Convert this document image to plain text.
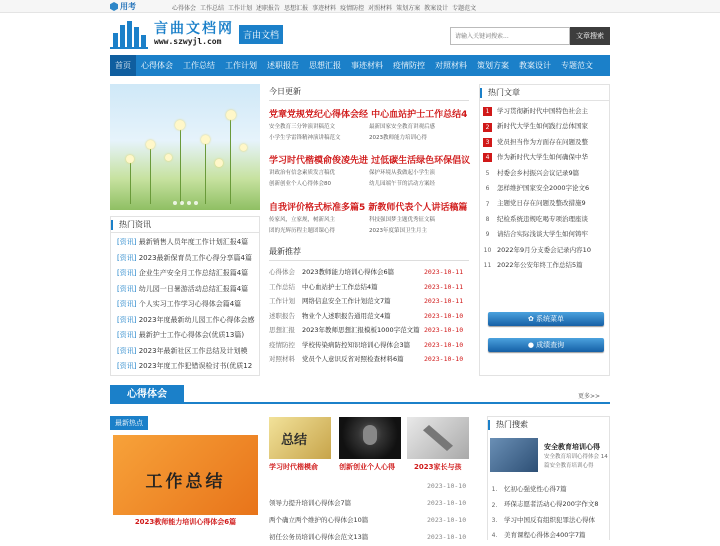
用考	心得体会 工作总结 工作计划 述职报告 思想汇报 事迹材料 疫情防控 对照材料 策划方案 教案设计 专题范文
言曲文档网
www.szwyjl.com
言由文档
请输入关键词搜索...	文章搜索
首页	心得体会	工作总结	工作计划	述职报告	思想汇报	事迹材料	疫情防控	对照材料	策划方案	教案设计	专题范文
热门资讯
[资讯] 最新销售人员年度工作计划汇报4篇
[资讯] 2023最新保育员工作心得分享篇4篇
[资讯] 企业生产安全月工作总结汇报篇4篇
[资讯] 幼儿园一日暑游活动总结汇报篇4篇
[资讯] 个人实习工作学习心得体会篇4篇
[资讯] 2023年度最新幼儿园工作心得体会感
[资讯] 最新护士工作心得体会(优质13篇)
[资讯] 2023年最新社区工作总结及计划模
[资讯] 2023年度工作犯错误检讨书(优质12
今日更新
党章党规党纪心得体会经 中心血站护士工作总结4
安全教育三分钟演讲稿范文
小学生学雷锋精神演讲稿范文
最新国家安全教育讲观后感
2023教师能力培训心得
学习时代楷模俞俊凌先进 过低碳生活绿色环保倡议
讲政治有信念素质发言稿优
创新创业个人心得体会80
保护环境从我做起小学生演
幼儿园端午节的活动方案经
自我评价格式标准多篇5 新教师代表个人讲话稿篇
传家风，立家规，树新风主
团的光辉历程主题团课心得
科技强国梦主题优秀征文稿
2023年度第国卫生月主
最新推荐
心得体会	2023教师能力培训心得体会6篇	2023-10-11
工作总结	中心血站护士工作总结4篇	2023-10-11
工作计划	网络信息安全工作计划范文7篇	2023-10-11
述职报告	物业个人述职报告通用范文4篇	2023-10-10
思想汇报	2023年教师思想汇报模板1000字范文篇 2023-10-10
疫情防控	学校传染病防控知识培训心得体会3篇	2023-10-10
对照材料	党员个人意识反省对照检查材料6篇	2023-10-10
热门文章
1	学习贯彻新时代中国特色社会主
2	新时代大学生如何践行总体国家
3	党员担当作为方面存在问题及整
4	作为新时代大学生如何确保中华
5	村委会乡村振兴会议记录9篇
6	怎样维护国家安全2000字论文6
7	主题党日存在问题及整改措施9
8	纪检系统违规吃喝专项治理座谈
9	请结合实际浅谈大学生如何铸牢
10 2022年9月分支委会记录内容10
11 2022年公安年终工作总结5篇
✿ 系统菜单
● 成绩查询
心得体会	更多>>
最新热点
工作总结
2023教师能力培训心得体会6篇
总结
学习时代楷模俞	创新创业个人心得	2023家长与孩
2023-10-10
领导力提升培训心得体会7篇	2023-10-10
两个确立两个维护的心得体会10篇	2023-10-10
初任公务员培训心得体会范文13篇	2023-10-10
热门搜索
安全教育培训心得
安全教育培训心得体会 14篇安全教育培训心得
1. 忆初心强党性心得7篇
2. 环保志愿者活动心得200字作文8
3. 学习中国反有组织犯罪法心得体
4. 美育课程心得体会400字7篇
